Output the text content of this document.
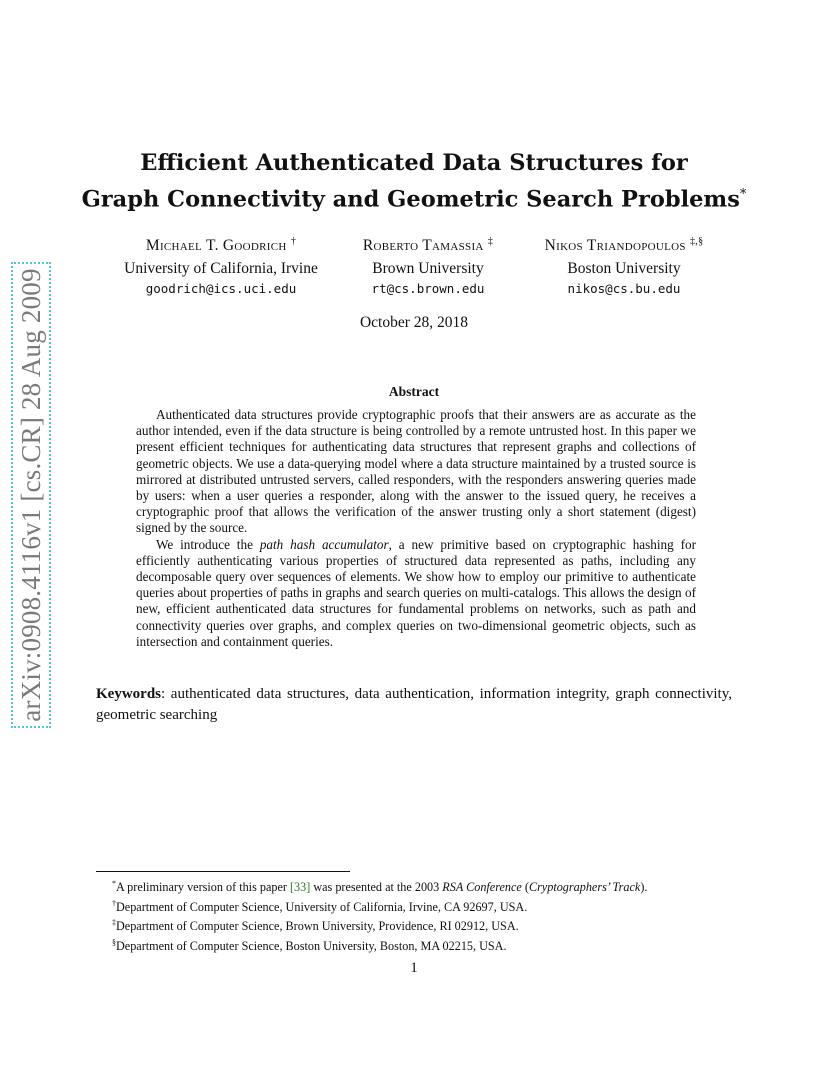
arXiv:0908.4116v1 [cs.CR] 28 Aug 2009
Efficient Authenticated Data Structures for
Graph Connectivity and Geometric Search Problems*
Michael T. Goodrich †
University of California, Irvine
goodrich@ics.uci.edu
Roberto Tamassia ‡
Brown University
rt@cs.brown.edu
Nikos Triandopoulos ‡,§
Boston University
nikos@cs.bu.edu
October 28, 2018
Abstract

Authenticated data structures provide cryptographic proofs that their answers are as accurate as the author intended, even if the data structure is being controlled by a remote untrusted host. In this paper we present efficient techniques for authenticating data structures that represent graphs and collections of geometric objects. We use a data-querying model where a data structure maintained by a trusted source is mirrored at distributed untrusted servers, called responders, with the responders answering queries made by users: when a user queries a responder, along with the answer to the issued query, he receives a cryptographic proof that allows the verification of the answer trusting only a short statement (digest) signed by the source.

We introduce the path hash accumulator, a new primitive based on cryptographic hashing for efficiently authenticating various properties of structured data represented as paths, including any decomposable query over sequences of elements. We show how to employ our primitive to authenticate queries about properties of paths in graphs and search queries on multi-catalogs. This allows the design of new, efficient authenticated data structures for fundamental problems on networks, such as path and connectivity queries over graphs, and complex queries on two-dimensional geometric objects, such as intersection and containment queries.

Keywords: authenticated data structures, data authentication, information integrity, graph connectivity, geometric searching
*A preliminary version of this paper [33] was presented at the 2003 RSA Conference (Cryptographers’ Track).
†Department of Computer Science, University of California, Irvine, CA 92697, USA.
‡Department of Computer Science, Brown University, Providence, RI 02912, USA.
§Department of Computer Science, Boston University, Boston, MA 02215, USA.
1
